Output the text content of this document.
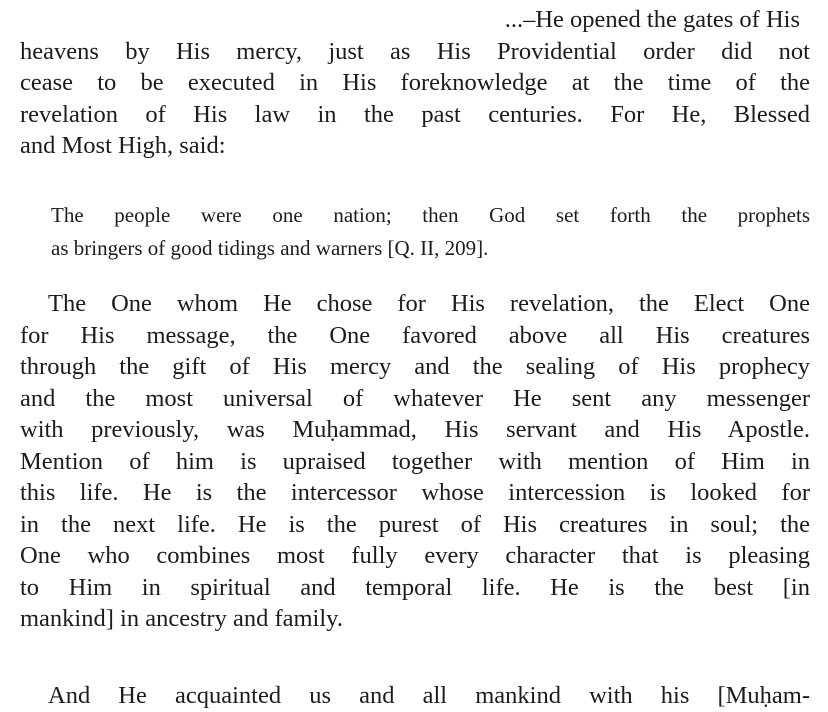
...–He opened the gates of His
heavens by His mercy, just as His Providential order did not
cease to be executed in His foreknowledge at the time of the
revelation of His law in the past centuries. For He, Blessed
and Most High, said:
The people were one nation; then God set forth the prophets
as bringers of good tidings and warners [Q. II, 209].
The One whom He chose for His revelation, the Elect One
for His message, the One favored above all His creatures
through the gift of His mercy and the sealing of His prophecy
and the most universal of whatever He sent any messenger
with previously, was Muḥammad, His servant and His Apostle.
Mention of him is upraised together with mention of Him in
this life. He is the intercessor whose intercession is looked for
in the next life. He is the purest of His creatures in soul; the
One who combines most fully every character that is pleasing
to Him in spiritual and temporal life. He is the best [in
mankind] in ancestry and family.
And He acquainted us and all mankind with his [Muḥam-
